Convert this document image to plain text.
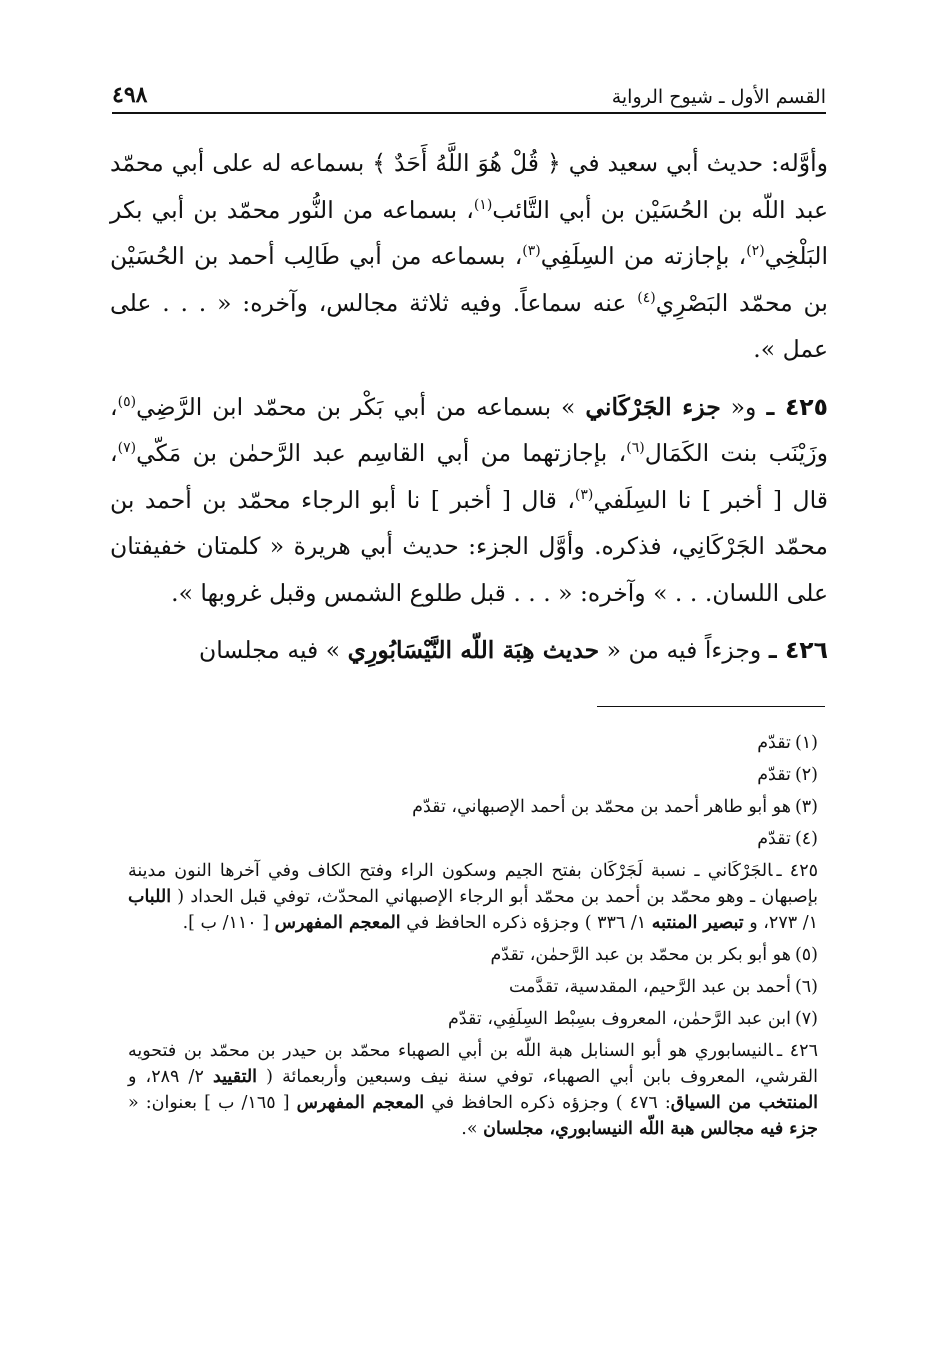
القسم الأول ـ شيوح الرواية
٤٩٨

وأوَّله: حديث أبي سعيد في ﴿ قُلْ هُوَ اللَّهُ أَحَدٌ ﴾ بسماعه له على أبي محمّد عبد اللّه بن الحُسَيْن بن أبي التَّائب$^{(١)}$، بسماعه من النُّور محمّد بن أبي بكر البَلْخِي$^{(٢)}$، بإجازته من السِلَفِي$^{(٣)}$، بسماعه من أبي طَالِب أحمد بن الحُسَيْن بن محمّد البَصْرِي$^{(٤)}$ عنه سماعاً. وفيه ثلاثة مجالس، وآخره: « . . . على عمل ».

٤٢٥ ـ و« جزء الجَرْكَاني » بسماعه من أبي بَكْر بن محمّد ابن الرَّضِي$^{(٥)}$، وزَيْنَب بنت الكَمَال$^{(٦)}$، بإجازتهما من أبي القاسِم عبد الرَّحمٰن بن مَكّي$^{(٧)}$، قال [ أخبر ] نا السِلَفي$^{(٣)}$، قال [ أخبر ] نا أبو الرجاء محمّد بن أحمد بن محمّد الجَرْكَانِي، فذكره. وأوَّل الجزء: حديث أبي هريرة « كلمتان خفيفتان على اللسان. . . » وآخره: « . . . قبل طلوع الشمس وقبل غروبها ».

٤٢٦ ـ وجزءاً فيه من « حديث هِبَة اللّه النَّيْسَابُورِي » فيه مجلسان

(١)تقدّم

(٢)تقدّم

(٣)هو أبو طاهر أحمد بن محمّد بن أحمد الإصبهاني، تقدّم

(٤)تقدّم

٤٢٥ ـالجَرْكَاني ـ نسبة لَجَرْكَان بفتح الجيم وسكون الراء وفتح الكاف وفي آخرها النون مدينة بإصبهان ـ وهو محمّد بن أحمد بن محمّد أبو الرجاء الإصبهاني المحدّث، توفي قبل الحداد ( اللباب ١/ ٢٧٣، و تبصير المنتبه ١/ ٣٣٦ ) وجزؤه ذكره الحافظ في المعجم المفهرس [ ١١٠/ ب ].

(٥)هو أبو بكر بن محمّد بن عبد الرَّحمٰن، تقدّم

(٦)أحمد بن عبد الرَّحيم، المقدسية، تقدَّمت

(٧)ابن عبد الرَّحمٰن، المعروف بسِبْط السِلَفِي، تقدّم

٤٢٦ ـالنيسابوري هو أبو السنابل هبة اللّه بن أبي الصهباء محمّد بن حيدر بن محمّد بن فتحويه القرشي، المعروف بابن أبي الصهباء، توفي سنة نيف وسبعين وأربعمائة ( التقييد ٢/ ٢٨٩، و المنتخب من السياق: ٤٧٦ ) وجزؤه ذكره الحافظ في المعجم المفهرس [ ١٦٥/ ب ] بعنوان: « جزء فيه مجالس هبة اللّه النيسابوري، مجلسان ».
